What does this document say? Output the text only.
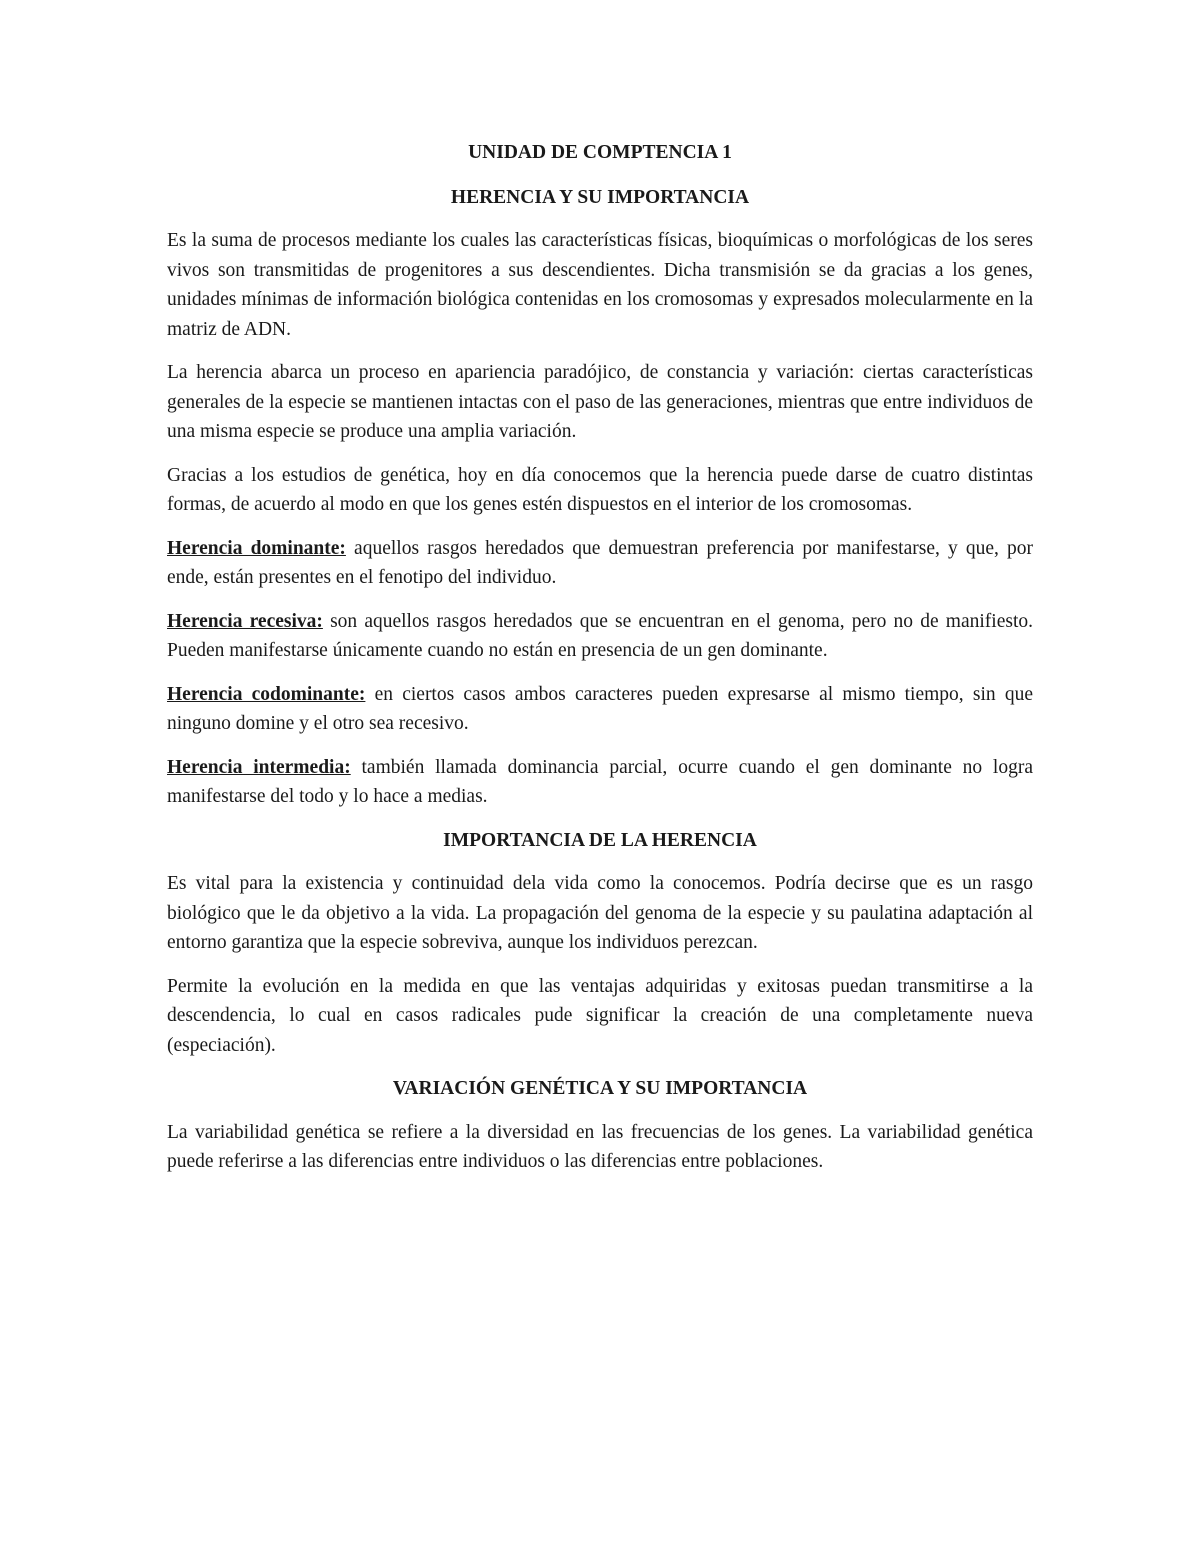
UNIDAD DE COMPTENCIA 1
HERENCIA Y SU IMPORTANCIA

Es la suma de procesos mediante los cuales las características físicas, bioquímicas o morfológicas de los seres vivos son transmitidas de progenitores a sus descendientes. Dicha transmisión se da gracias a los genes, unidades mínimas de información biológica contenidas en los cromosomas y expresados molecularmente en la matriz de ADN.

La herencia abarca un proceso en apariencia paradójico, de constancia y variación: ciertas características generales de la especie se mantienen intactas con el paso de las generaciones, mientras que entre individuos de una misma especie se produce una amplia variación.

Gracias a los estudios de genética, hoy en día conocemos que la herencia puede darse de cuatro distintas formas, de acuerdo al modo en que los genes estén dispuestos en el interior de los cromosomas.

Herencia dominante: aquellos rasgos heredados que demuestran preferencia por manifestarse, y que, por ende, están presentes en el fenotipo del individuo.

Herencia recesiva: son aquellos rasgos heredados que se encuentran en el genoma, pero no de manifiesto. Pueden manifestarse únicamente cuando no están en presencia de un gen dominante.

Herencia codominante: en ciertos casos ambos caracteres pueden expresarse al mismo tiempo, sin que ninguno domine y el otro sea recesivo.

Herencia intermedia: también llamada dominancia parcial, ocurre cuando el gen dominante no logra manifestarse del todo y lo hace a medias.

IMPORTANCIA DE LA HERENCIA

Es vital para la existencia y continuidad dela vida como la conocemos. Podría decirse que es un rasgo biológico que le da objetivo a la vida. La propagación del genoma de la especie y su paulatina adaptación al entorno garantiza que la especie sobreviva, aunque los individuos perezcan.

Permite la evolución en la medida en que las ventajas adquiridas y exitosas puedan transmitirse a la descendencia, lo cual en casos radicales pude significar la creación de una completamente nueva (especiación).

VARIACIÓN GENÉTICA Y SU IMPORTANCIA

La variabilidad genética se refiere a la diversidad en las frecuencias de los genes. La variabilidad genética puede referirse a las diferencias entre individuos o las diferencias entre poblaciones.
